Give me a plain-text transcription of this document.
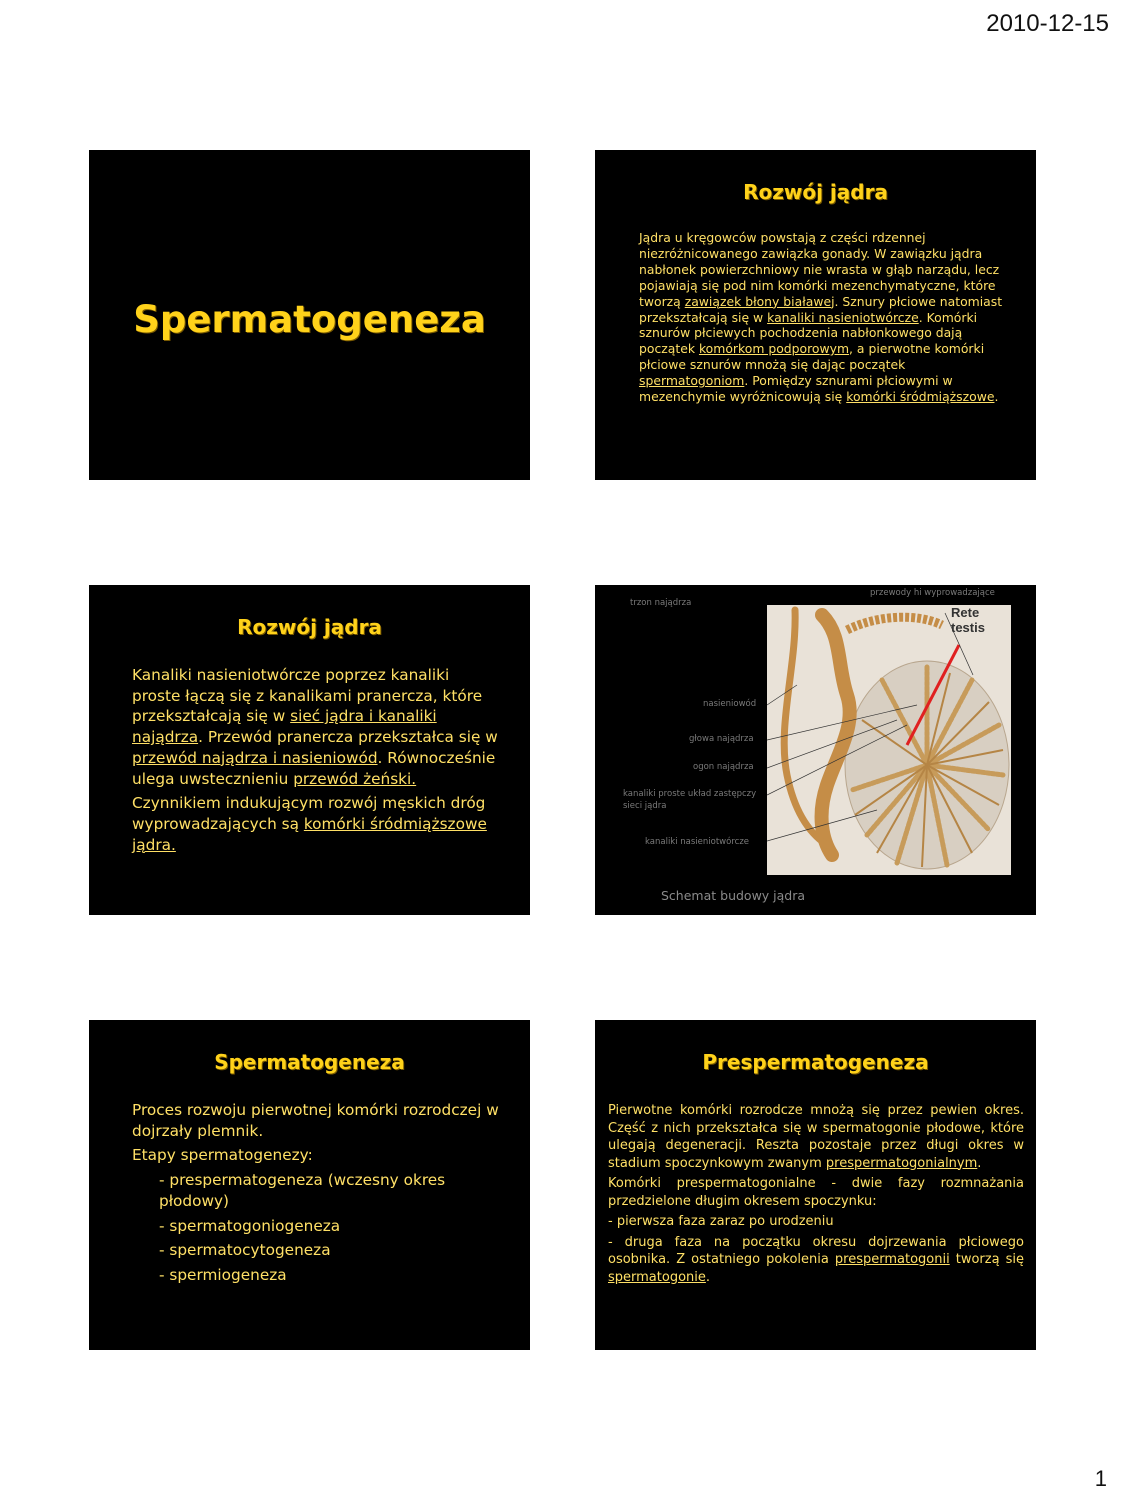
2010-12-15
Spermatogeneza
Rozwój jądra
Jądra u kręgowców powstają z części rdzennej niezróżnicowanego zawiązka gonady. W zawiązku jądra nabłonek powierzchniowy nie wrasta w głąb narządu, lecz pojawiają się pod nim komórki mezenchymatyczne, które tworzą zawiązek błony białawej. Sznury płciowe natomiast przekształcają się w kanaliki nasieniotwórcze. Komórki sznurów płciewych pochodzenia nabłonkowego dają początek komórkom podporowym, a pierwotne komórki płciowe sznurów mnożą się dając początek spermatogoniom. Pomiędzy sznurami płciowymi w mezenchymie wyróżnicowują się komórki śródmiąższowe.
Rozwój jądra

Kanaliki nasieniotwórcze poprzez kanaliki proste łączą się z kanalikami pranercza, które przekształcają się w sieć jądra i kanaliki najądrza. Przewód pranercza przekształca się w przewód najądrza i nasieniowód. Równocześnie ulega uwstecznieniu przewód żeński.

Czynnikiem indukującym rozwój męskich dróg wyprowadzających są komórki śródmiąższowe jądra.

Rete testis
trzon najądrza
przewody hi wyprowadzające
nasieniowód
głowa najądrza
ogon najądrza
kanaliki proste układ zastępczy
sieci jądra
kanaliki nasieniotwórcze
Schemat budowy jądra
Spermatogeneza

Proces rozwoju pierwotnej komórki rozrodczej w dojrzały plemnik.

Etapy spermatogenezy:

- prespermatogeneza (wczesny okres płodowy)

- spermatogoniogeneza

- spermatocytogeneza

- spermiogeneza

Prespermatogeneza

Pierwotne komórki rozrodcze mnożą się przez pewien okres. Część z nich przekształca się w spermatogonie płodowe, które ulegają degeneracji. Reszta pozostaje przez długi okres w stadium spoczynkowym zwanym prespermatogonialnym.

Komórki prespermatogonialne - dwie fazy rozmnażania przedzielone długim okresem spoczynku:

- pierwsza faza zaraz po urodzeniu

- druga faza na początku okresu dojrzewania płciowego osobnika. Z ostatniego pokolenia prespermatogonii tworzą się spermatogonie.

1
